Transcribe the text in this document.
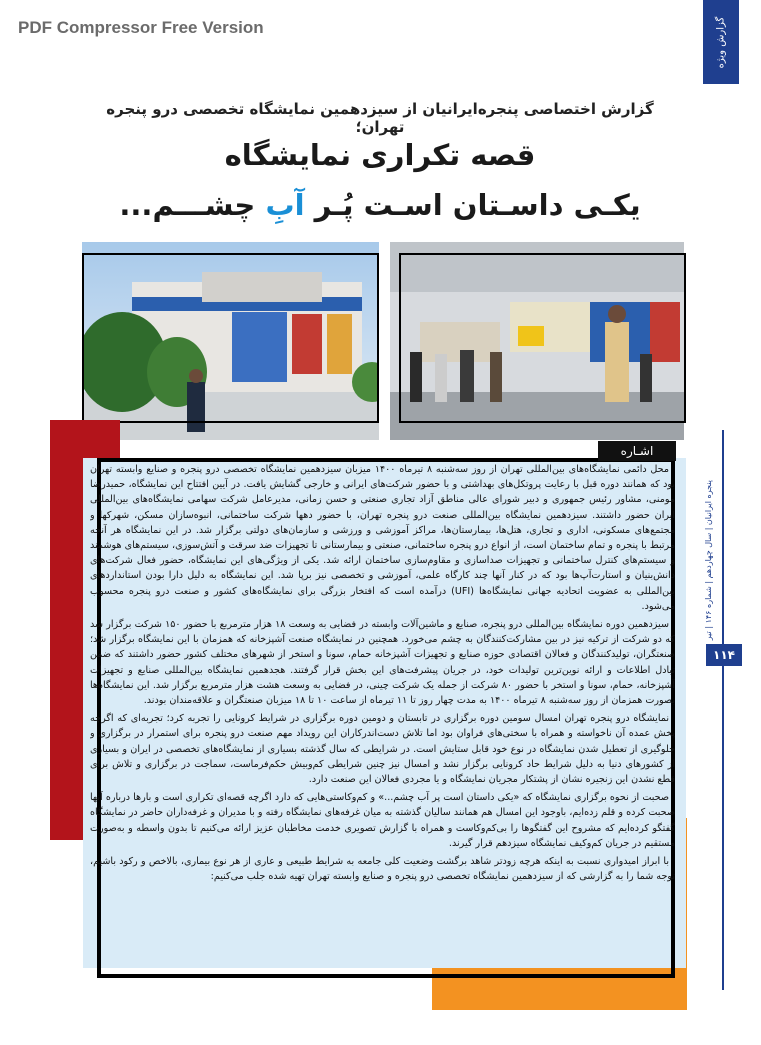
PDF Compressor Free Version	گزارش ویژه
گزارش اختصاصی پنجره‌ایرانیان از سیزدهمین نمایشگاه تخصصی درو پنجره تهران؛
قصه تکراری نمایشگاه
یکـی داسـتان اسـت پُـر آبِ چشـــم...
اشـاره

محل دائمی نمایشگاه‌های بین‌المللی تهران از روز سه‌شنبه ۸ تیرماه ۱۴۰۰ میزبان سیزدهمین نمایشگاه تخصصی درو پنجره و صنایع وابسته تهران بود که همانند دوره قبل با رعایت پروتکل‌های بهداشتی و با حضور شرکت‌های ایرانی و خارجی گشایش یافت. در آیین افتتاح این نمایشگاه، حمیدرضا مومنی، مشاور رئیس جمهوری و دبیر شورای عالی مناطق آزاد تجاری صنعتی و حسن زمانی، مدیرعامل شرکت سهامی نمایشگاه‌های بین‌المللی ایران حضور داشتند. سیزدهمین نمایشگاه بین‌المللی صنعت درو پنجره تهران، با حضور دهها شرکت ساختمانی، انبوه‌سازان مسکن، شهرکها و مجتمع‌های مسکونی، اداری و تجاری، هتل‌ها، بیمارستان‌ها، مراکز آموزشی و ورزشی و سازمان‌های دولتی برگزار شد. در این نمایشگاه هر آنچه مرتبط با پنجره و تمام ساختمان است، از انواع درو پنجره ساختمانی، صنعتی و بیمارستانی تا تجهیزات ضد سرقت و آتش‌سوزی، سیستم‌های هوشمند و سیستم‌های کنترل ساختمانی و تجهیزات صداسازی و مقاوم‌سازی ساختمان ارائه شد. یکی از ویژگی‌های این نمایشگاه، حضور فعال شرکت‌های دانش‌بنیان و استارت‌آپ‌ها بود که در کنار آنها چند کارگاه علمی، آموزشی و تخصصی نیز برپا شد. این نمایشگاه به دلیل دارا بودن استانداردهای بین‌المللی به عضویت اتحادیه جهانی نمایشگاه‌ها (UFI) درآمده است که افتخار بزرگی برای نمایشگاه‌های کشور و صنعت درو پنجره محسوب می‌شود.

سیزدهمین دوره نمایشگاه بین‌المللی درو پنجره، صنایع و ماشین‌آلات وابسته در فضایی به وسعت ۱۸ هزار مترمربع با حضور ۱۵۰ شرکت برگزار شد که دو شرکت از ترکیه نیز در بین مشارکت‌کنندگان به چشم می‌خورد. همچنین در نمایشگاه صنعت آشپزخانه که همزمان با این نمایشگاه برگزار شد؛ صنعتگران، تولیدکنندگان و فعالان اقتصادی حوزه صنایع و تجهیزات آشپزخانه حمام، سونا و استخر از شهرهای مختلف کشور حضور داشتند که ضمن تبادل اطلاعات و ارائه نوین‌ترین تولیدات خود، در جریان پیشرفت‌های این بخش قرار گرفتند. هجدهمین نمایشگاه بین‌المللی صنایع و تجهیزات آشپزخانه، حمام، سونا و استخر با حضور ۸۰ شرکت از جمله یک شرکت چینی، در فضایی به وسعت هشت هزار مترمربع برگزار شد. این نمایشگاه‌ها بصورت همزمان از روز سه‌شنبه ۸ تیرماه ۱۴۰۰ به مدت چهار روز تا ۱۱ تیرماه از ساعت ۱۰ تا ۱۸ میزبان صنعتگران و علاقه‌مندان بودند.

نمایشگاه درو پنجره تهران امسال سومین دوره برگزاری در تابستان و دومین دوره برگزاری در شرایط کرونایی را تجربه کرد؛ تجربه‌ای که اگرچه پخش عمده آن ناخواسته و همراه با سختی‌های فراوان بود اما تلاش دست‌اندرکاران این رویداد مهم صنعت درو پنجره برای استمرار در برگزاری و جلوگیری از تعطیل شدن نمایشگاه در نوع خود قابل ستایش است. در شرایطی که سال گذشته بسیاری از نمایشگاه‌های تخصصی در ایران و بسیاری از کشورهای دنیا به دلیل شرایط حاد کرونایی برگزار نشد و امسال نیز چنین شرایطی کم‌وبیش حکم‌فرماست، سماجت در برگزاری و تلاش برای قطع نشدن این زنجیره نشان از پشتکار مجریان نمایشگاه و یا مجردی فعالان این صنعت دارد.

صحبت از نحوه برگزاری نمایشگاه که «یکی داستان است پر آب چشم...» و کم‌وکاستی‌هایی که دارد اگرچه قصه‌ای تکراری است و بارها درباره آنها صحبت کرده و قلم زده‌ایم، باوجود این امسال هم همانند سالیان گذشته به میان غرفه‌های نمایشگاه رفته و با مدیران و غرفه‌داران حاضر در نمایشگاه گفتگو کرده‌ایم که مشروح این گفتگوها را بی‌کم‌وکاست و همراه با گزارش تصویری خدمت مخاطبان عزیز ارائه می‌کنیم تا بدون واسطه و به‌صورت مستقیم در جریان کم‌وکیف نمایشگاه سیزدهم قرار گیرند.

با ابراز امیدواری نسبت به اینکه هرچه زودتر شاهد برگشت وضعیت کلی جامعه به شرایط طبیعی و عاری از هر نوع بیماری، بالاخص و رکود باشیم، توجه شما را به گزارشی که از سیزدهمین نمایشگاه تخصصی درو پنجره و صنایع وابسته تهران تهیه شده جلب می‌کنیم:

پنجره ایرانیان | سال چهاردهم | شماره ۱۴۶ | تیر
۱۱۴
